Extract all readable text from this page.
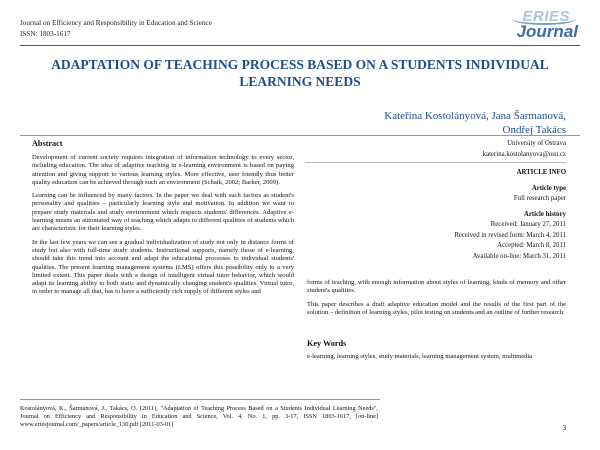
Journal on Efficiency and Responsibility in Education and Science
ISSN: 1803-1617
ERIES
Journal
ADAPTATION OF TEACHING PROCESS BASED ON A STUDENTS INDIVIDUAL LEARNING NEEDS
Kateřina Kostolányová, Jana Šarmanová,
Ondřej Takács
Abstract

Development of current society requires integration of information technology to every sector, including education. The idea of adaptive teaching in e-learning environment is based on paying attention and giving support to various learning styles. More effective, user friendly thus better quality education can be achieved through such an environment (Schaik, 2002; Barker, 2009).

Learning can be influenced by many factors. In the paper we deal with such factors as student's personality and qualities – particularly learning style and motivation. In addition we want to prepare study materials and study environment which respects students' differences. Adaptive e-learning means an automated way of teaching which adapts to different qualities of students which are characteristic for their learning styles.

In the last few years we can see a gradual individualization of study not only in distance forms of study but also with full-time study students. Instructional supports, namely those of e-learning, should take this trend into account and adapt the educational processes to individual students' qualities. The present learning management systems (LMS) offers this possibility only to a very limited extent. This paper deals with a design of intelligent virtual tutor behavior, which would adapt its learning ability to both static and dynamically changing student's qualities. Virtual tutor, in order to manage all that, has to have a sufficiently rich supply of different styles and

University of Ostrava
katerina.kostolanyova@osu.cz
ARTICLE INFO
Article type
Full research paper
Article history
Received: January 27, 2011
Received in revised form: March 4, 2011
Accepted: March 8, 2011
Available on-line: March 31, 2011

forms of teaching, with enough information about styles of learning, kinds of memory and other student's qualities.

This paper describes a draft adaptive education model and the results of the first part of the solution – definition of learning styles, pilot testing on students and an outline of further research.

Key Words
e-learning, learning styles, study materials, learning management system, multimedia
Kostolányová, K., Šarmanová, J., Takács, O. (2011), "Adaptation of Teaching Process Based on a Students Individual Learning Needs", Journal on Efficiency and Responsibility in Education and Science, Vol. 4, No. 1, pp. 3-17, ISSN 1803-1617, [on-line] www.eriesjournal.com/_papers/article_130.pdf [2011-03-01]	3
